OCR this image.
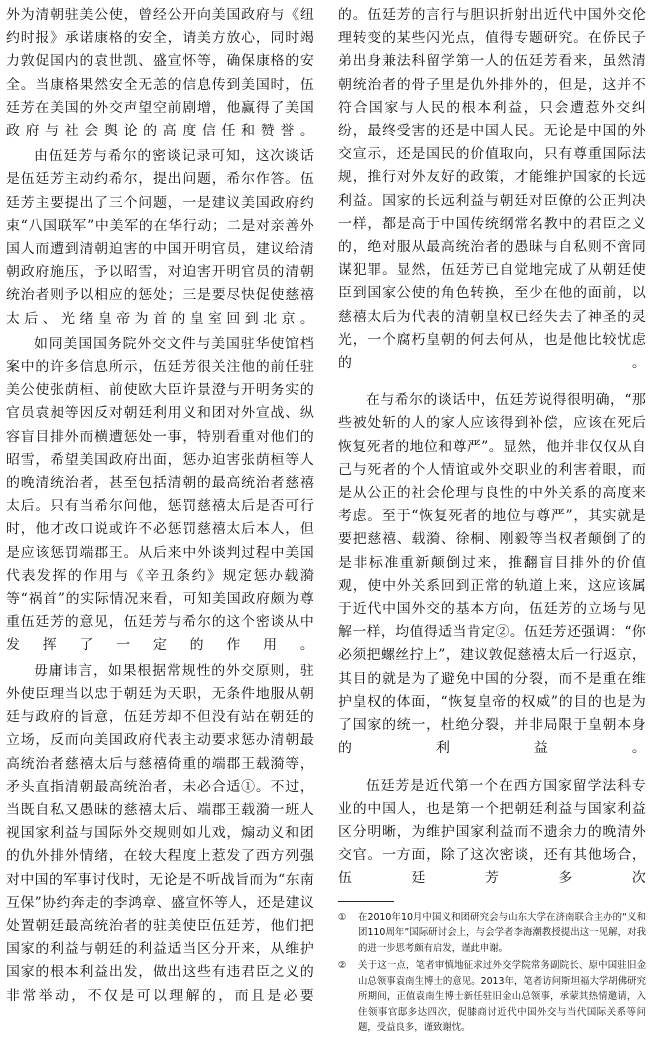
外为清朝驻美公使，曾经公开向美国政府与《纽约时报》承诺康格的安全，请美方放心，同时竭力敦促国内的袁世凯、盛宣怀等，确保康格的安全。当康格果然安全无恙的信息传到美国时，伍廷芳在美国的外交声望空前剧增，他赢得了美国政府与社会舆论的高度信任和赞誉。

由伍廷芳与希尔的密谈记录可知，这次谈话是伍廷芳主动约希尔，提出问题，希尔作答。伍廷芳主要提出了三个问题，一是建议美国政府约束“八国联军”中美军的在华行动；二是对亲善外国人而遭到清朝迫害的中国开明官员，建议给清朝政府施压，予以昭雪，对迫害开明官员的清朝统治者则予以相应的惩处；三是要尽快促使慈禧太后、光绪皇帝为首的皇室回到北京。

如同美国国务院外交文件与美国驻华使馆档案中的许多信息所示，伍廷芳很关注他的前任驻美公使张荫桓、前使欧大臣许景澄与开明务实的官员袁昶等因反对朝廷利用义和团对外宣战、纵容盲目排外而横遭惩处一事，特别看重对他们的昭雪，希望美国政府出面，惩办迫害张荫桓等人的晚清统治者，甚至包括清朝的最高统治者慈禧太后。只有当希尔问他，惩罚慈禧太后是否可行时，他才改口说或许不必惩罚慈禧太后本人，但是应该惩罚端郡王。从后来中外谈判过程中美国代表发挥的作用与《辛丑条约》规定惩办载漪等“祸首”的实际情况来看，可知美国政府颇为尊重伍廷芳的意见，伍廷芳与希尔的这个密谈从中发挥了一定的作用。

毋庸讳言，如果根据常规性的外交原则，驻外使臣理当以忠于朝廷为天职，无条件地服从朝廷与政府的旨意，伍廷芳却不但没有站在朝廷的立场，反而向美国政府代表主动要求惩办清朝最高统治者慈禧太后与慈禧倚重的端郡王载漪等，矛头直指清朝最高统治者，未必合适①。不过，当既自私又愚昧的慈禧太后、端郡王载漪一班人视国家利益与国际外交规则如儿戏，煽动义和团的仇外排外情绪，在较大程度上惹发了西方列强对中国的军事讨伐时，无论是不听战旨而为“东南互保”协约奔走的李鸿章、盛宣怀等人，还是建议处置朝廷最高统治者的驻美使臣伍廷芳，他们把国家的利益与朝廷的利益适当区分开来，从维护国家的根本利益出发，做出这些有违君臣之义的非常举动，不仅是可以理解的，而且是必要

的。伍廷芳的言行与胆识折射出近代中国外交伦理转变的某些闪光点，值得专题研究。在侨民子弟出身兼法科留学第一人的伍廷芳看来，虽然清朝统治者的骨子里是仇外排外的，但是，这并不符合国家与人民的根本利益，只会遭惹外交纠纷，最终受害的还是中国人民。无论是中国的外交宣示，还是国民的价值取向，只有尊重国际法规，推行对外友好的政策，才能维护国家的长远利益。国家的长远利益与朝廷对臣僚的公正判决一样，都是高于中国传统纲常名教中的君臣之义的，绝对服从最高统治者的愚昧与自私则不啻同谋犯罪。显然，伍廷芳已自觉地完成了从朝廷使臣到国家公使的角色转换，至少在他的面前，以慈禧太后为代表的清朝皇权已经失去了神圣的灵光，一个腐朽皇朝的何去何从，也是他比较忧虑的。

在与希尔的谈话中，伍廷芳说得很明确，“那些被处斩的人的家人应该得到补偿，应该在死后恢复死者的地位和尊严”。显然，他并非仅仅从自己与死者的个人情谊或外交职业的利害着眼，而是从公正的社会伦理与良性的中外关系的高度来考虑。至于“恢复死者的地位与尊严”，其实就是要把慈禧、载漪、徐桐、刚毅等当权者颠倒了的是非标准重新颠倒过来，推翻盲目排外的价值观，使中外关系回到正常的轨道上来，这应该属于近代中国外交的基本方向，伍廷芳的立场与见解一样，均值得适当肯定②。伍廷芳还强调：“你必须把螺丝拧上”，建议敦促慈禧太后一行返京，其目的就是为了避免中国的分裂，而不是重在维护皇权的体面，“恢复皇帝的权威”的目的也是为了国家的统一，杜绝分裂，并非局限于皇朝本身的利益。

伍廷芳是近代第一个在西方国家留学法科专业的中国人，也是第一个把朝廷利益与国家利益区分明晰，为维护国家利益而不遗余力的晚清外交官。一方面，除了这次密谈，还有其他场合，伍廷芳多次

①	在2010年10月中国义和团研究会与山东大学在济南联合主办的“义和团110周年”国际研讨会上，与会学者李海潮教授提出这一见解，对我的进一步思考颇有启发，谨此申谢。
②	关于这一点，笔者审慎地征求过外交学院常务副院长、原中国驻旧金山总领事袁南生博士的意见。2013年，笔者访问斯坦福大学胡佛研究所期间，正值袁南生博士新任驻旧金山总领事，承蒙其热情邀请，入住领事官邸多达四次，促膝商讨近代中国外交与当代国际关系等问题，受益良多，谨致谢忱。
